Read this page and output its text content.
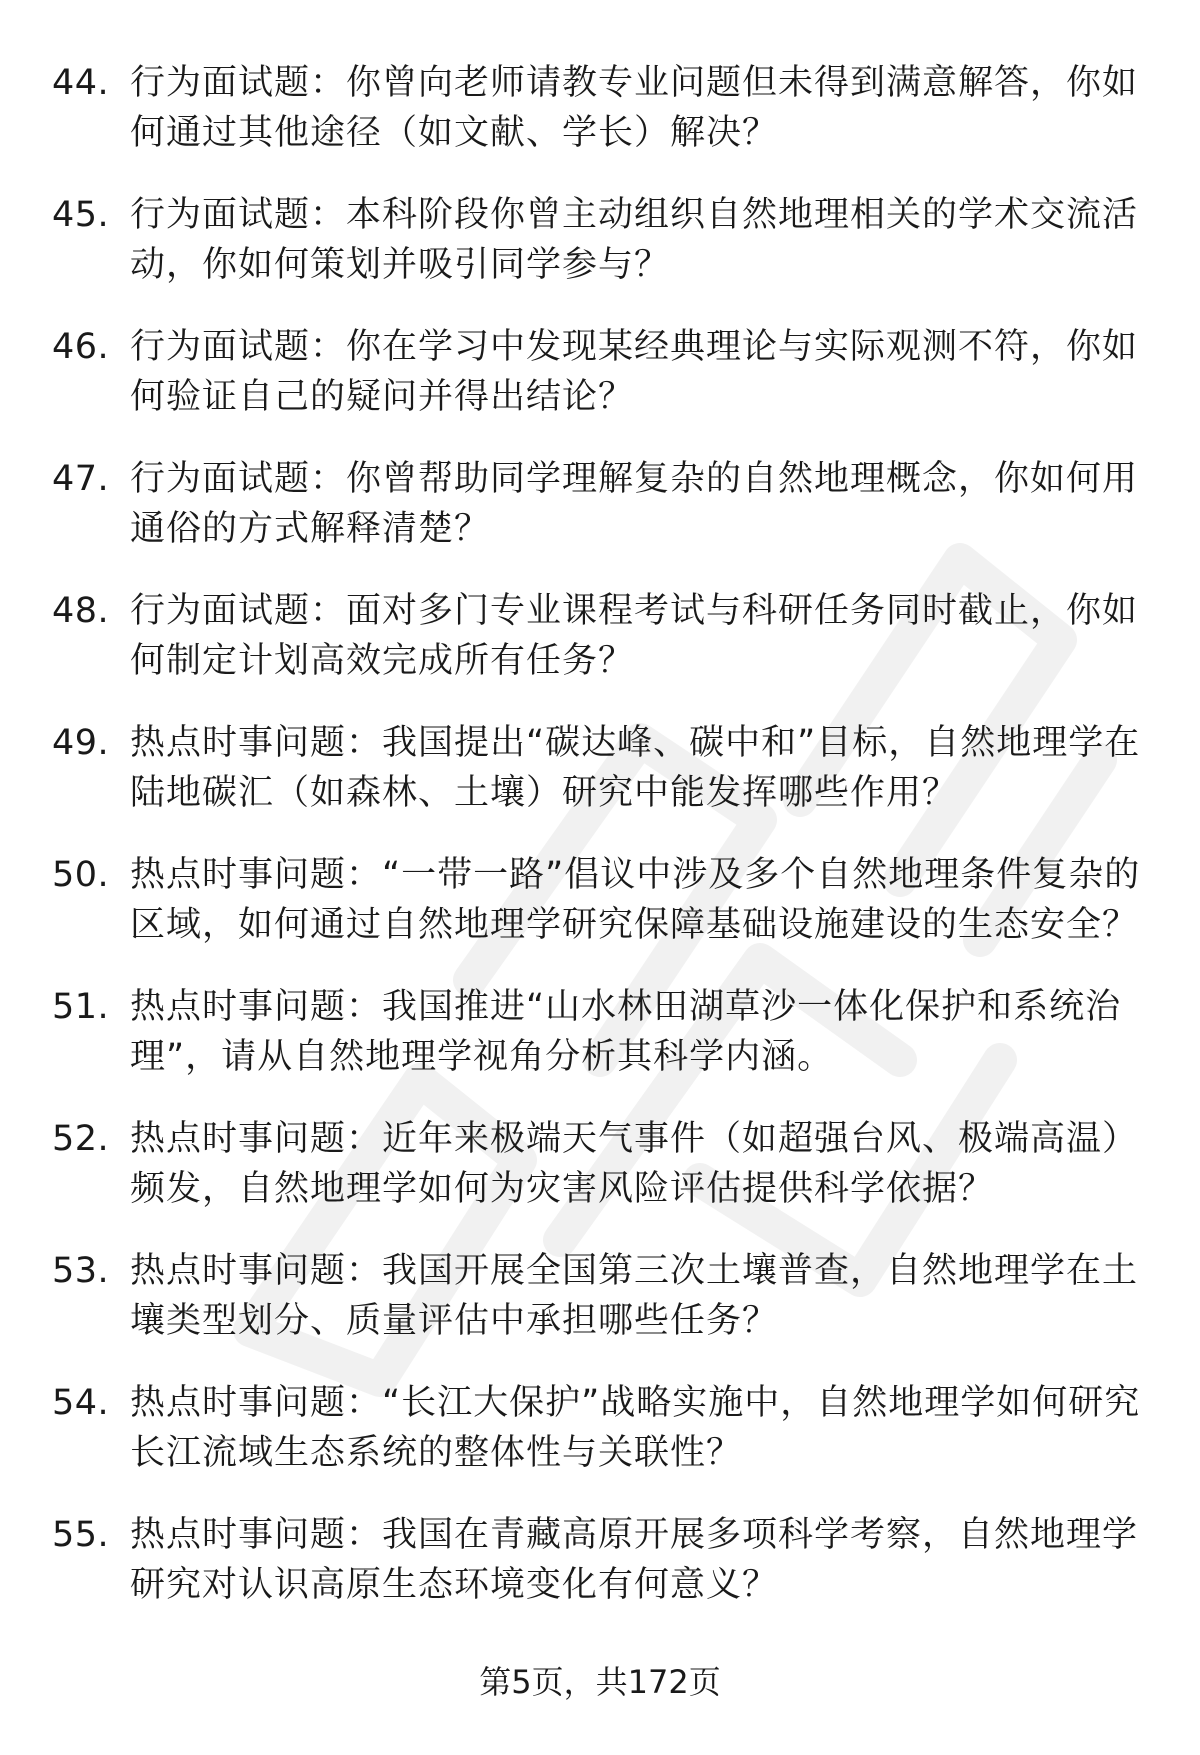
44. 行为面试题：你曾向老师请教专业问题但未得到满意解答，你如何通过其他途径（如文献、学长）解决？
45. 行为面试题：本科阶段你曾主动组织自然地理相关的学术交流活动，你如何策划并吸引同学参与？
46. 行为面试题：你在学习中发现某经典理论与实际观测不符，你如何验证自己的疑问并得出结论？
47. 行为面试题：你曾帮助同学理解复杂的自然地理概念，你如何用通俗的方式解释清楚？
48. 行为面试题：面对多门专业课程考试与科研任务同时截止，你如何制定计划高效完成所有任务？
49. 热点时事问题：我国提出“碳达峰、碳中和”目标，自然地理学在陆地碳汇（如森林、土壤）研究中能发挥哪些作用？
50. 热点时事问题：“一带一路”倡议中涉及多个自然地理条件复杂的区域，如何通过自然地理学研究保障基础设施建设的生态安全？
51. 热点时事问题：我国推进“山水林田湖草沙一体化保护和系统治理”，请从自然地理学视角分析其科学内涵。
52. 热点时事问题：近年来极端天气事件（如超强台风、极端高温）频发，自然地理学如何为灾害风险评估提供科学依据？
53. 热点时事问题：我国开展全国第三次土壤普查，自然地理学在土壤类型划分、质量评估中承担哪些任务？
54. 热点时事问题：“长江大保护”战略实施中，自然地理学如何研究长江流域生态系统的整体性与关联性？
55. 热点时事问题：我国在青藏高原开展多项科学考察，自然地理学研究对认识高原生态环境变化有何意义？
第5页，共172页
